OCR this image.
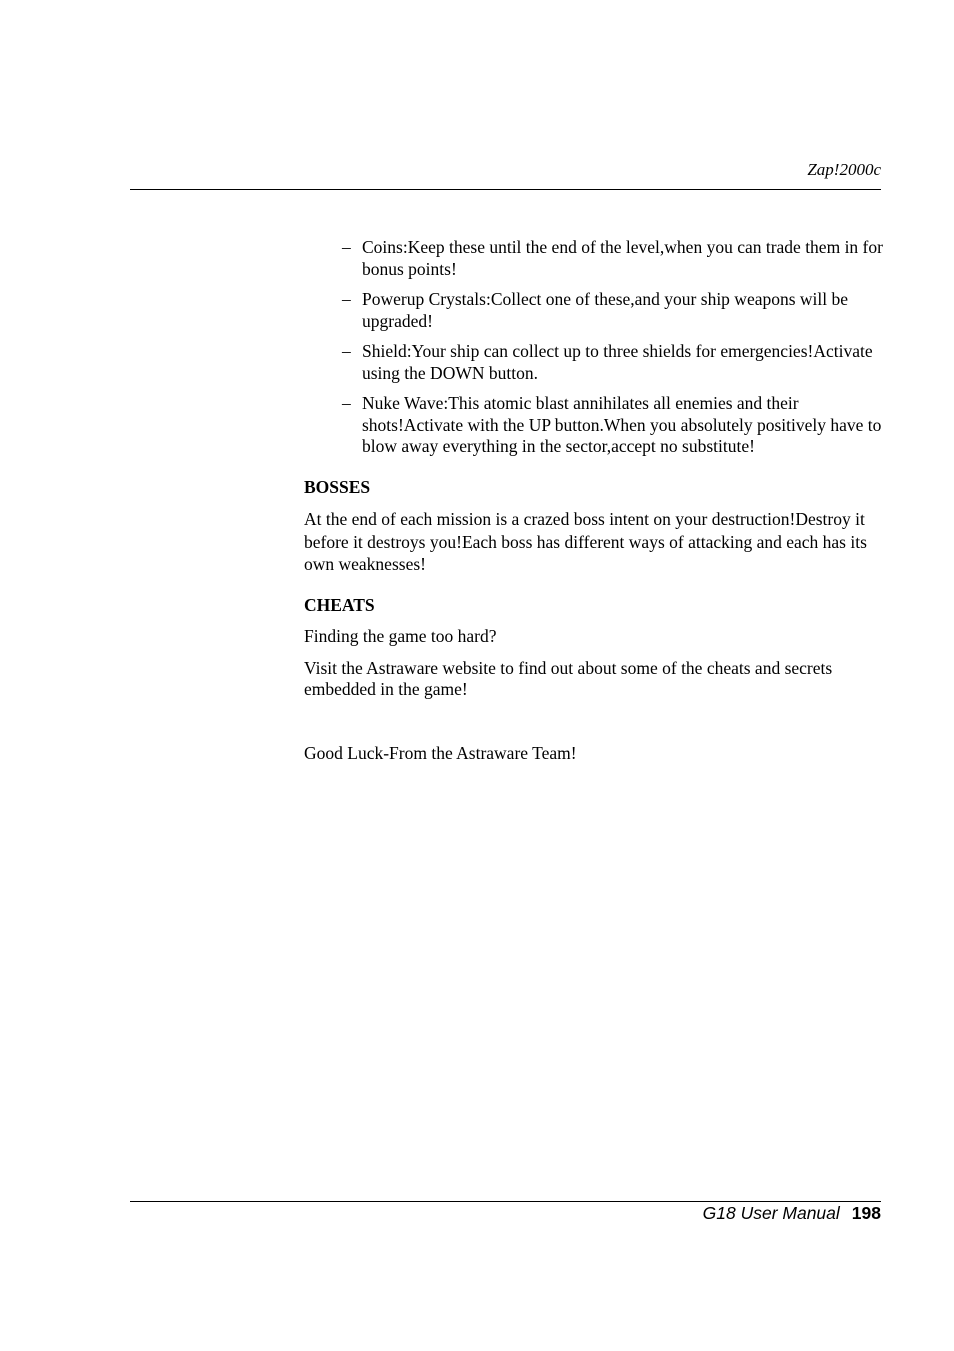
Zap!2000c
– Coins:Keep these until the end of the level,when you can trade them in for bonus points!
– Powerup Crystals:Collect one of these,and your ship weapons will be upgraded!
– Shield:Your ship can collect up to three shields for emergencies!Activate using the DOWN button.
– Nuke Wave:This atomic blast annihilates all enemies and their shots!Activate with the UP button.When you absolutely positively have to blow away everything in the sector,accept no substitute!
BOSSES

At the end of each mission is a crazed boss intent on your destruction!Destroy it before it destroys you!Each boss has different ways of attacking and each has its own weaknesses!

CHEATS

Finding the game too hard?

Visit the Astraware website to find out about some of the cheats and secrets embedded in the game!

Good Luck-From the Astraware Team!

G18 User Manual 198
